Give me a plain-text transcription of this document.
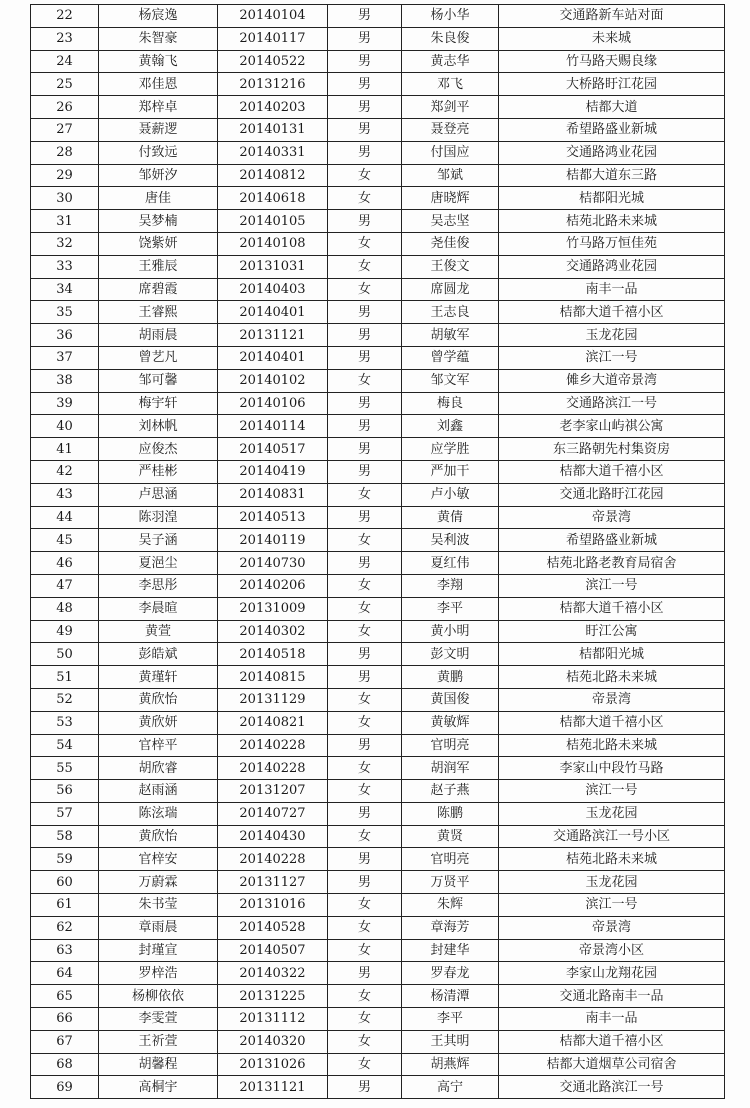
22	杨宸逸	20140104	男	杨小华	交通路新车站对面
23	朱智豪	20140117	男	朱良俊	未来城
24	黄翰飞	20140522	男	黄志华	竹马路天赐良缘
25	邓佳恩	20131216	男	邓飞	大桥路盱江花园
26	郑梓卓	20140203	男	郑剑平	桔都大道
27	聂薪逻	20140131	男	聂登亮	希望路盛业新城
28	付致远	20140331	男	付国应	交通路鸿业花园
29	邹妍汐	20140812	女	邹斌	桔都大道东三路
30	唐佳	20140618	女	唐晓辉	桔都阳光城
31	吴梦楠	20140105	男	吴志坚	桔苑北路未来城
32	饶紫妍	20140108	女	尧佳俊	竹马路万恒佳苑
33	王雅辰	20131031	女	王俊文	交通路鸿业花园
34	席碧霞	20140403	女	席圆龙	南丰一品
35	王睿熙	20140401	男	王志良	桔都大道千禧小区
36	胡雨晨	20131121	男	胡敏军	玉龙花园
37	曾艺凡	20140401	男	曾学蕴	滨江一号
38	邹可馨	20140102	女	邹文军	傩乡大道帝景湾
39	梅宇轩	20140106	男	梅良	交通路滨江一号
40	刘林帆	20140114	男	刘鑫	老李家山屿祺公寓
41	应俊杰	20140517	男	应学胜	东三路朝先村集资房
42	严桂彬	20140419	男	严加干	桔都大道千禧小区
43	卢思涵	20140831	女	卢小敏	交通北路盱江花园
44	陈羽湟	20140513	男	黄倩	帝景湾
45	吴子涵	20140119	女	吴利波	希望路盛业新城
46	夏浥尘	20140730	男	夏红伟	桔苑北路老教育局宿舍
47	李思彤	20140206	女	李翔	滨江一号
48	李晨暄	20131009	女	李平	桔都大道千禧小区
49	黄萱	20140302	女	黄小明	盱江公寓
50	彭皓斌	20140518	男	彭文明	桔都阳光城
51	黄瑾轩	20140815	男	黄鹏	桔苑北路未来城
52	黄欣怡	20131129	女	黄国俊	帝景湾
53	黄欣妍	20140821	女	黄敏辉	桔都大道千禧小区
54	官梓平	20140228	男	官明亮	桔苑北路未来城
55	胡欣睿	20140228	女	胡润军	李家山中段竹马路
56	赵雨涵	20131207	女	赵子燕	滨江一号
57	陈泫瑞	20140727	男	陈鹏	玉龙花园
58	黄欣怡	20140430	女	黄贤	交通路滨江一号小区
59	官梓安	20140228	男	官明亮	桔苑北路未来城
60	万蔚霖	20131127	男	万贤平	玉龙花园
61	朱书莹	20131016	女	朱辉	滨江一号
62	章雨晨	20140528	女	章海芳	帝景湾
63	封瑾宣	20140507	女	封建华	帝景湾小区
64	罗梓浩	20140322	男	罗春龙	李家山龙翔花园
65	杨柳依依	20131225	女	杨清潭	交通北路南丰一品
66	李雯萱	20131112	女	李平	南丰一品
67	王祈萱	20140320	女	王其明	桔都大道千禧小区
68	胡馨程	20131026	女	胡燕辉	桔都大道烟草公司宿舍
69	高桐宇	20131121	男	高宁	交通北路滨江一号
